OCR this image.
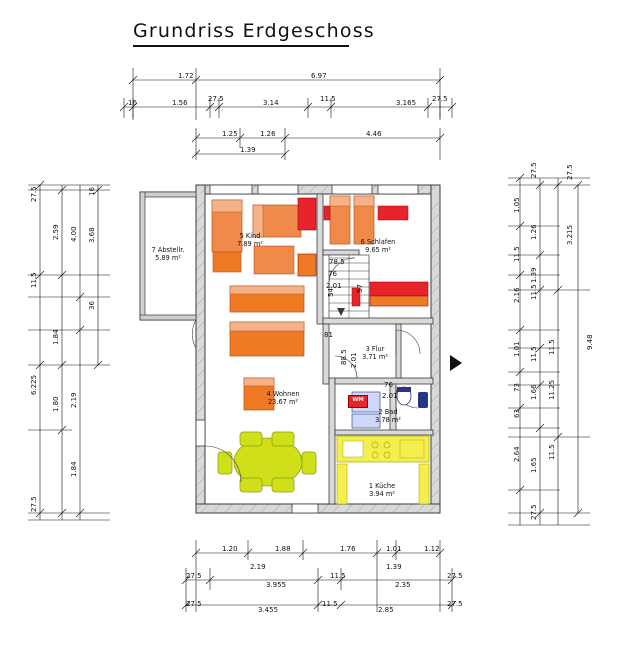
Grundriss Erdgeschoss
WM
5 Kind
7.89 m²	6 Schlafen
9.65 m²
7 Abstellr.
5.89 m²
3 Flur
3.71 m²
4 Wohnen
23.67 m²
2 Bad
3.78 m²
1 Küche
3.94 m²
1.72	6.97
16	1.56	27.5	3.14	11.5	3.165 27.5
1.25	1.26	4.46
1.39
27.5	16
2.59 4.00 3.68
11.5
36
1.84
6.225
1.80 2.19
1.84
27.5
27.5	27.5
1.05
1.26
11.5
1.39
3.215
2.16 11.5
9.48
1.01 11.5 11.5
73 1.66 11.25
63
2.64
1.65
11.5
27.5
1.20	1.88	1.76	1.01	1.12
27.5
2.19
11.5
1.39
27.5
3.955	2.35
27.5
3.455
11.5
2.85
27.5
76
2.01
78.5
54	57
81
88.5 2.01
76
2.01
